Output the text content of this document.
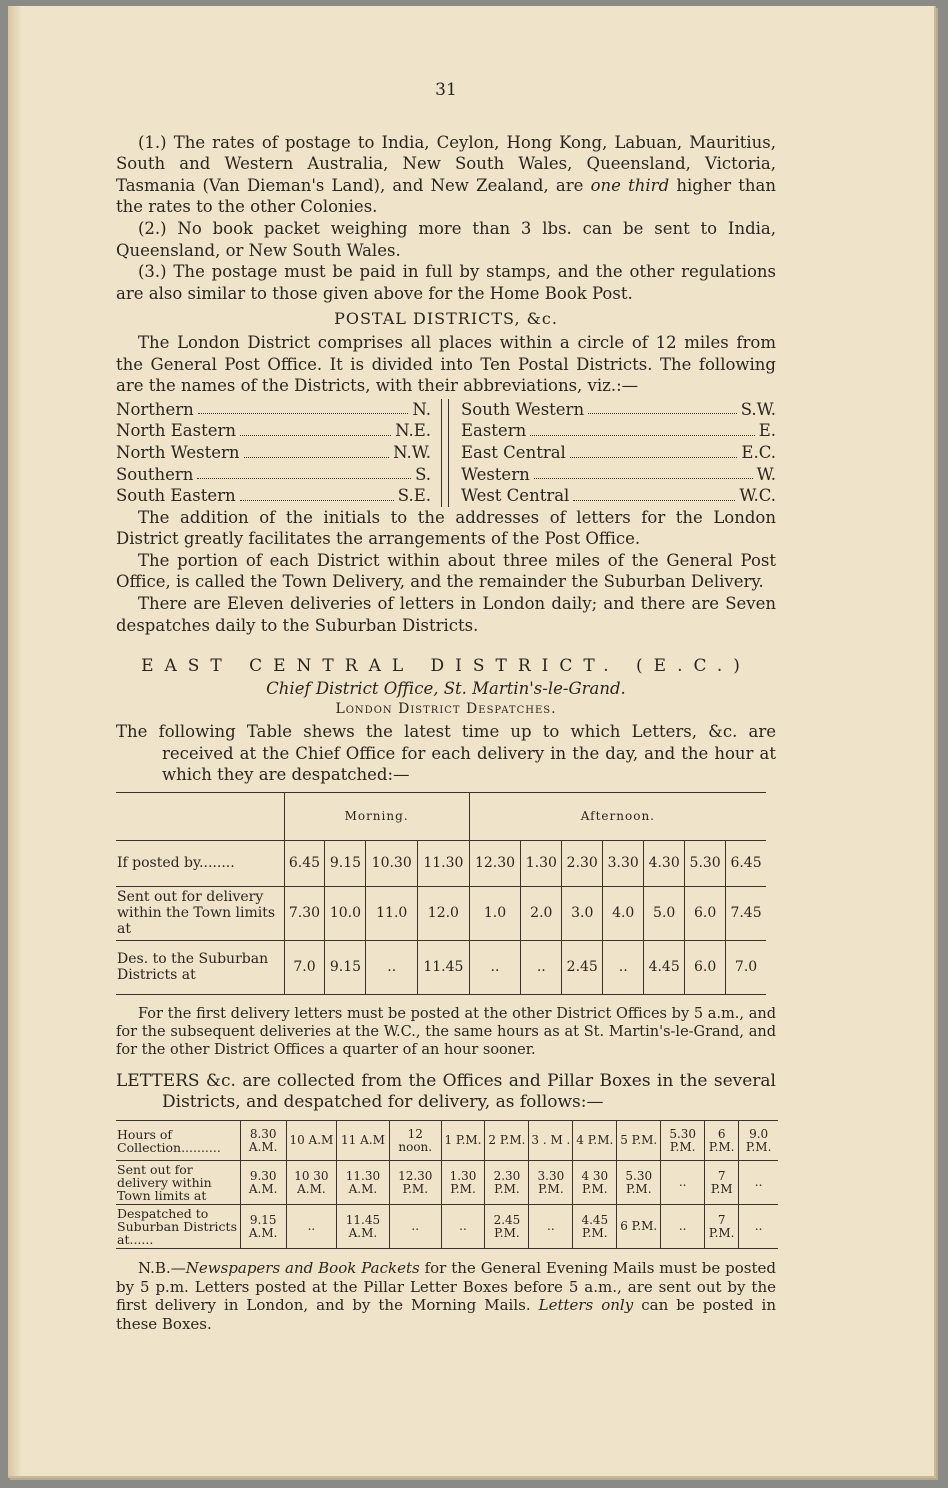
31

(1.) The rates of postage to India, Ceylon, Hong Kong, Labuan, Mauritius, South and Western Australia, New South Wales, Queensland, Victoria, Tasmania (Van Dieman's Land), and New Zealand, are one third higher than the rates to the other Colonies.

(2.) No book packet weighing more than 3 lbs. can be sent to India, Queensland, or New South Wales.

(3.) The postage must be paid in full by stamps, and the other regulations are also similar to those given above for the Home Book Post.

POSTAL DISTRICTS, &c.

The London District comprises all places within a circle of 12 miles from the General Post Office. It is divided into Ten Postal Districts. The following are the names of the Districts, with their abbreviations, viz.:—

Northern	N.
North Eastern	N.E.
North Western	N.W.
Southern	S.
South Eastern	S.E.
South Western	S.W.
Eastern	E.
East Central	E.C.
Western	W.
West Central	W.C.

The addition of the initials to the addresses of letters for the London District greatly facilitates the arrangements of the Post Office.

The portion of each District within about three miles of the General Post Office, is called the Town Delivery, and the remainder the Suburban Delivery.

There are Eleven deliveries of letters in London daily; and there are Seven despatches daily to the Suburban Districts.

EAST CENTRAL DISTRICT. (E.C.)
Chief District Office, St. Martin's-le-Grand.
London District Despatches.

The following Table shews the latest time up to which Letters, &c. are received at the Chief Office for each delivery in the day, and the hour at which they are despatched:—

	Morning.				Afternoon.						
If posted by........	6.45	9.15	10.30	11.30	12.30	1.30	2.30	3.30	4.30	5.30	6.45
Sent out for delivery within the Town limits at	7.30	10.0	11.0	12.0	1.0	2.0	3.0	4.0	5.0	6.0	7.45
Des. to the Suburban Districts at	7.0	9.15	..	11.45	..	..	2.45	..	4.45	6.0	7.0

For the first delivery letters must be posted at the other District Offices by 5 a.m., and for the subsequent deliveries at the W.C., the same hours as at St. Martin's-le-Grand, and for the other District Offices a quarter of an hour sooner.

LETTERS &c. are collected from the Offices and Pillar Boxes in the several Districts, and despatched for delivery, as follows:—

Hours of Collection..........	8.30 A.M.	10 A.M	11 A.M	12 noon.	1 P.M.	2 P.M.	3 . M .	4 P.M.	5 P.M.	5.30 P.M.	6 P.M.	9.0 P.M.
Sent out for delivery within Town limits at	9.30 A.M.	10 30 A.M.	11.30 A.M.	12.30 P.M.	1.30 P.M.	2.30 P.M.	3.30 P.M.	4 30 P.M.	5.30 P.M.	..	7 P.M	..
Despatched to Suburban Districts at......	9.15 A.M.	..	11.45 A.M.	..	..	2.45 P.M.	..	4.45 P.M.	6 P.M.	..	7 P.M.	..

N.B.—Newspapers and Book Packets for the General Evening Mails must be posted by 5 p.m. Letters posted at the Pillar Letter Boxes before 5 a.m., are sent out by the first delivery in London, and by the Morning Mails. Letters only can be posted in these Boxes.
